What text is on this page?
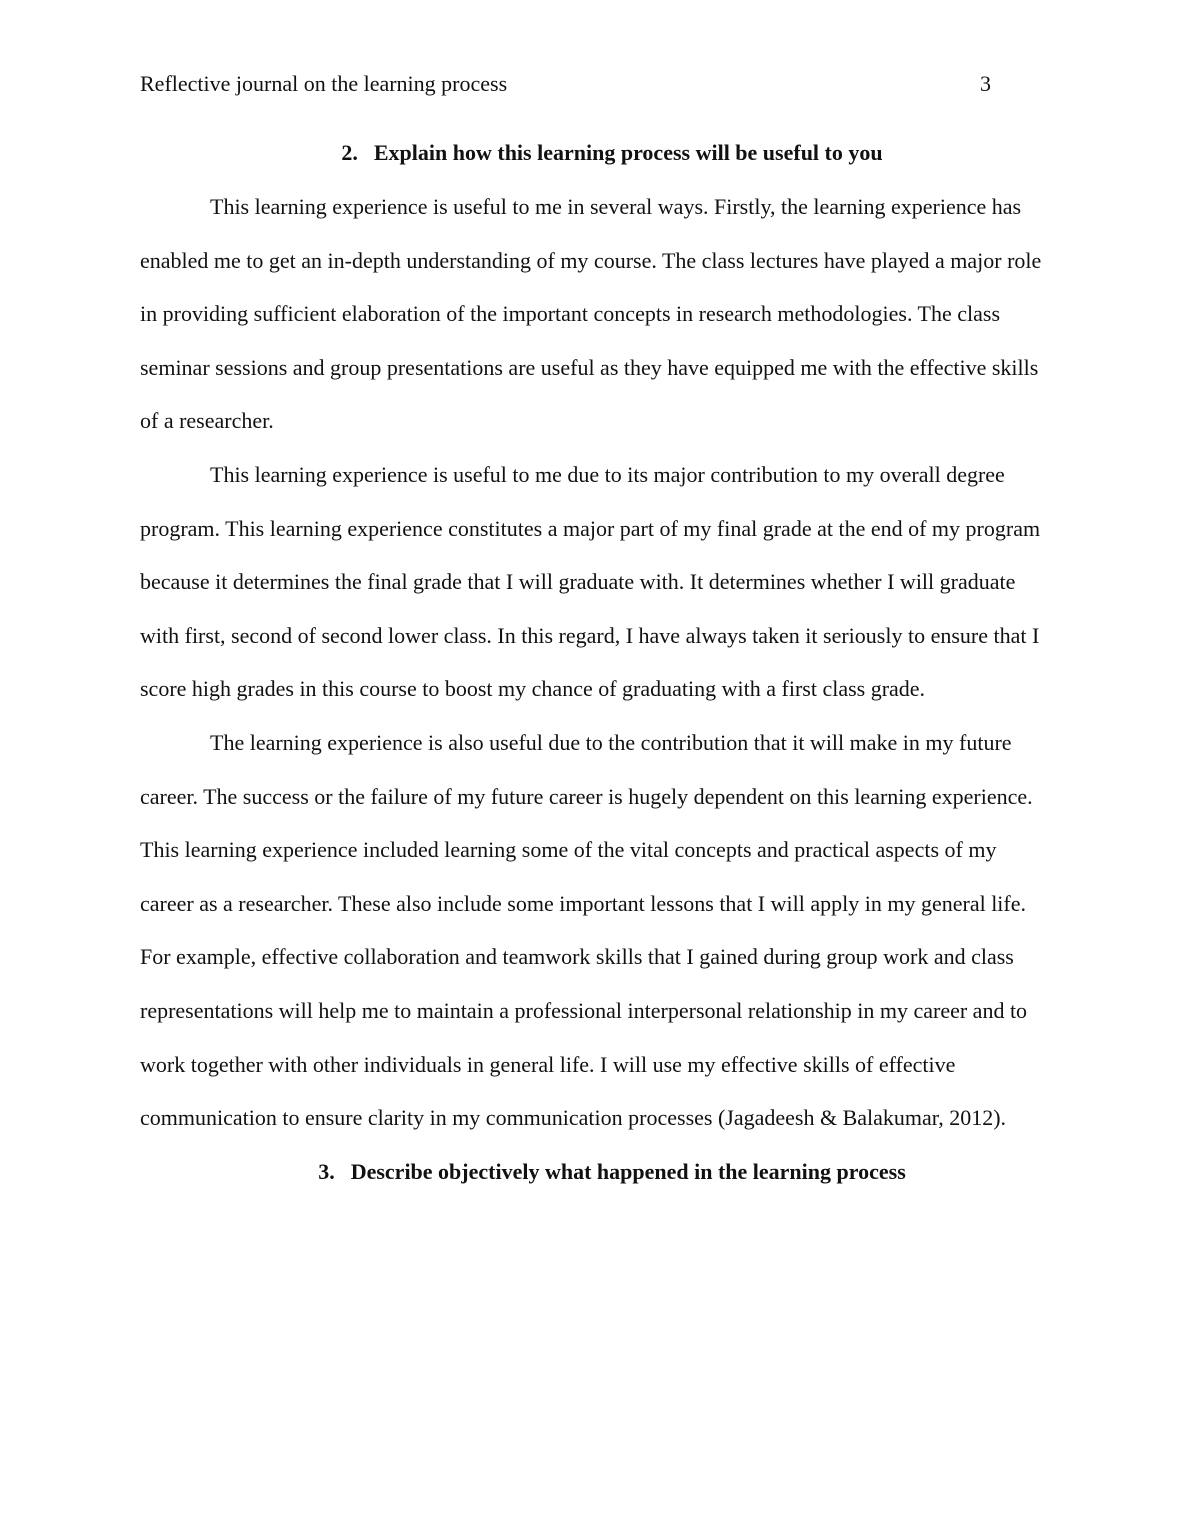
Reflective journal on the learning process	3
2. Explain how this learning process will be useful to you

This learning experience is useful to me in several ways. Firstly, the learning experience has enabled me to get an in-depth understanding of my course. The class lectures have played a major role in providing sufficient elaboration of the important concepts in research methodologies. The class seminar sessions and group presentations are useful as they have equipped me with the effective skills of a researcher.

This learning experience is useful to me due to its major contribution to my overall degree program. This learning experience constitutes a major part of my final grade at the end of my program because it determines the final grade that I will graduate with. It determines whether I will graduate with first, second of second lower class. In this regard, I have always taken it seriously to ensure that I score high grades in this course to boost my chance of graduating with a first class grade.

The learning experience is also useful due to the contribution that it will make in my future career. The success or the failure of my future career is hugely dependent on this learning experience. This learning experience included learning some of the vital concepts and practical aspects of my career as a researcher. These also include some important lessons that I will apply in my general life. For example, effective collaboration and teamwork skills that I gained during group work and class representations will help me to maintain a professional interpersonal relationship in my career and to work together with other individuals in general life. I will use my effective skills of effective communication to ensure clarity in my communication processes (Jagadeesh & Balakumar, 2012).

3. Describe objectively what happened in the learning process
